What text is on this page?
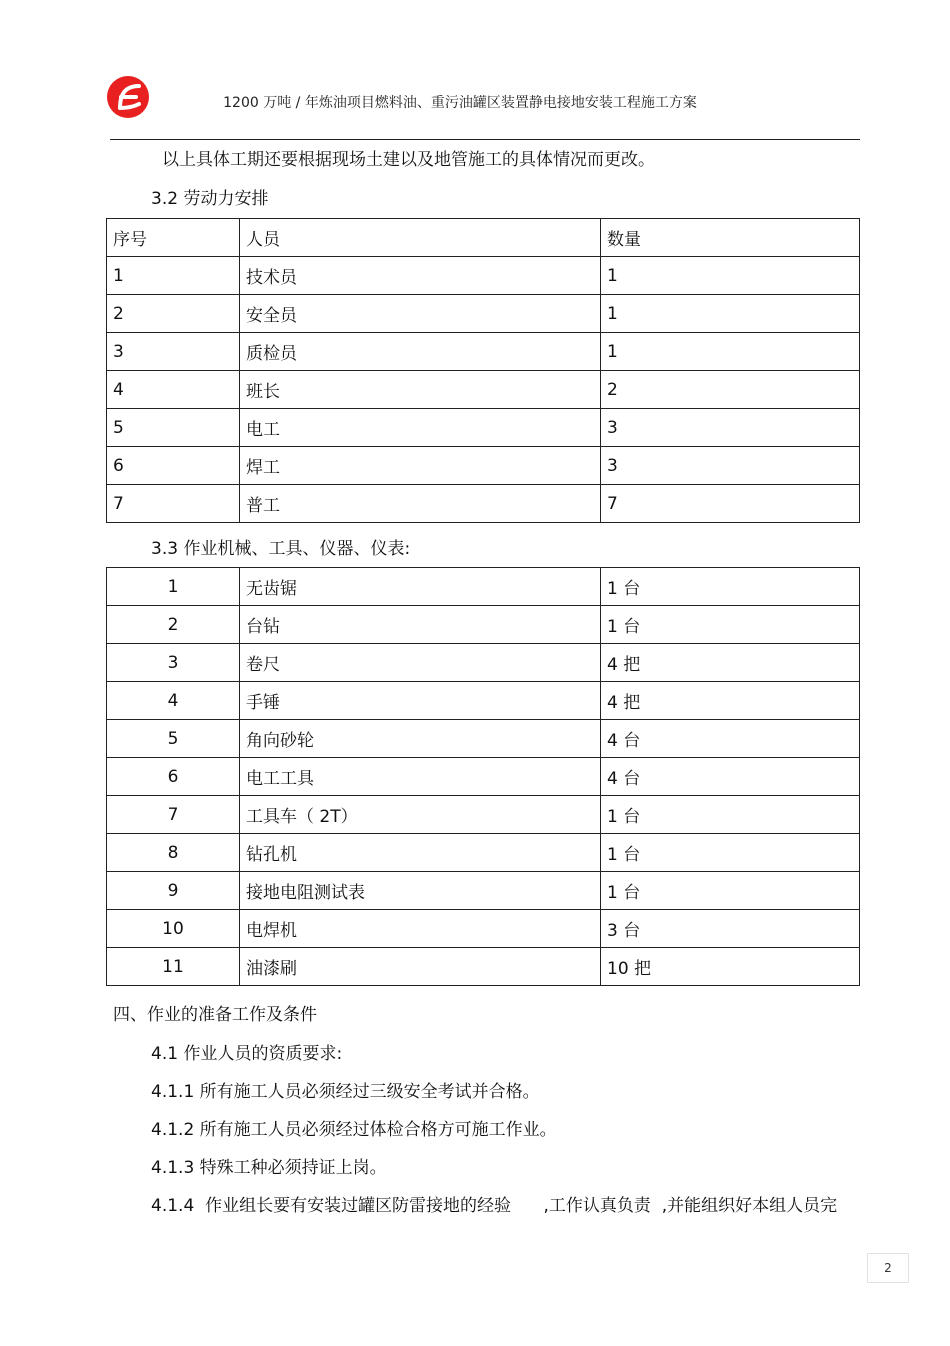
1200 万吨 / 年炼油项目燃料油、重污油罐区装置静电接地安装工程施工方案
以上具体工期还要根据现场土建以及地管施工的具体情况而更改。
3.2 劳动力安排
序号	人员	数量
1	技术员	1
2	安全员	1
3	质检员	1
4	班长	2
5	电工	3
6	焊工	3
7	普工	7
3.3 作业机械、工具、仪器、仪表:
1	无齿锯	1 台
2	台钻	1 台
3	卷尺	4 把
4	手锤	4 把
5	角向砂轮	4 台
6	电工工具	4 台
7	工具车（ 2T）	1 台
8	钻孔机	1 台
9	接地电阻测试表	1 台
10	电焊机	3 台
11	油漆刷	10 把
四、作业的准备工作及条件
4.1 作业人员的资质要求:
4.1.1 所有施工人员必须经过三级安全考试并合格。
4.1.2 所有施工人员必须经过体检合格方可施工作业。
4.1.3 特殊工种必须持证上岗。
4.1.4  作业组长要有安装过罐区防雷接地的经验      ,工作认真负责  ,并能组织好本组人员完
2
